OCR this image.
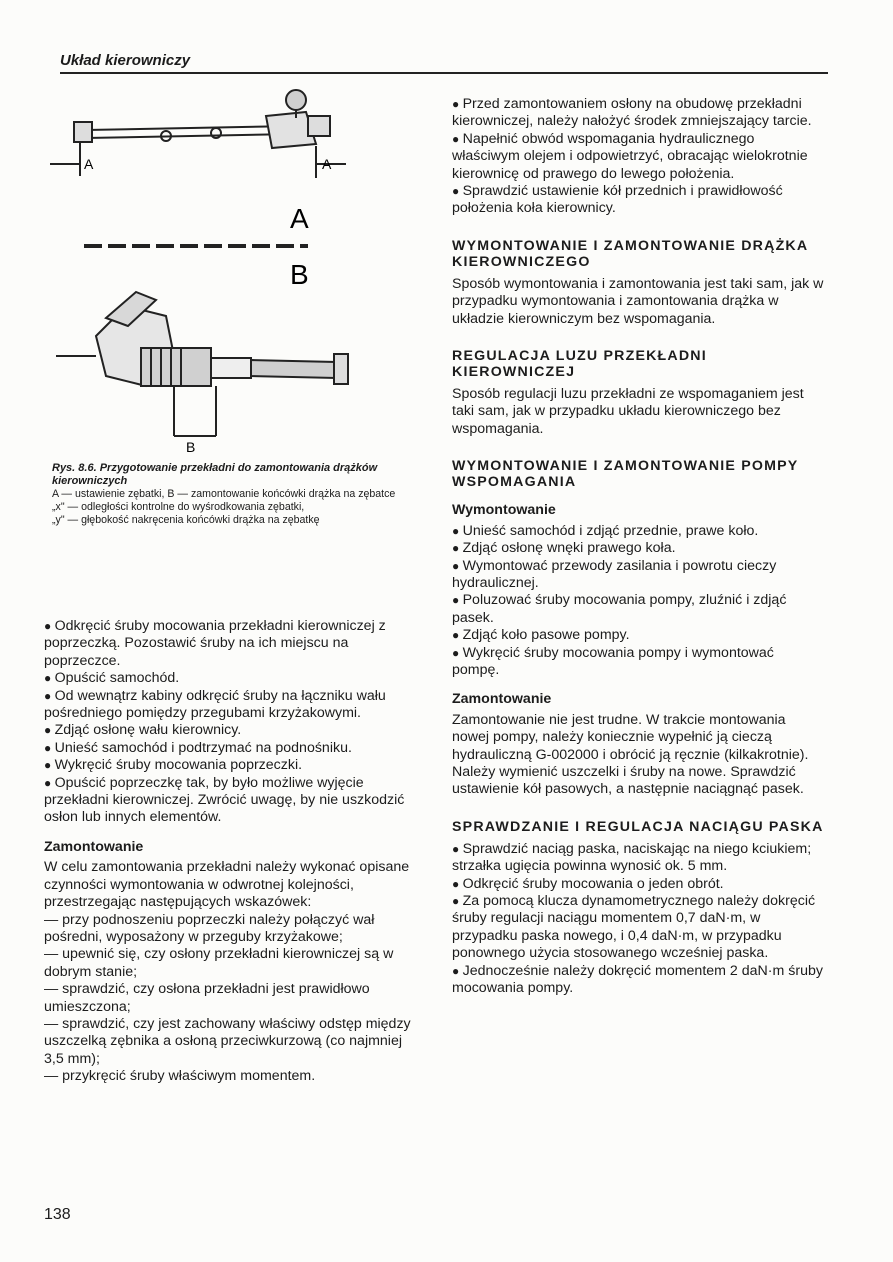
Układ kierowniczy
A	A
A
B
B
Rys. 8.6. Przygotowanie przekładni do zamontowania drążków kierowniczych
A — ustawienie zębatki, B — zamontowanie końcówki drążka na zębatce
„x" — odległości kontrolne do wyśrodkowania zębatki,
„y" — głębokość nakręcenia końcówki drążka na zębatkę

● Odkręcić śruby mocowania przekładni kierowniczej z poprzeczką. Pozostawić śruby na ich miejscu na poprzeczce.

● Opuścić samochód.

● Od wewnątrz kabiny odkręcić śruby na łączniku wału pośredniego pomiędzy przegubami krzyżakowymi.

● Zdjąć osłonę wału kierownicy.

● Unieść samochód i podtrzymać na podnośniku.

● Wykręcić śruby mocowania poprzeczki.

● Opuścić poprzeczkę tak, by było możliwe wyjęcie przekładni kierowniczej. Zwrócić uwagę, by nie uszkodzić osłon lub innych elementów.

Zamontowanie

W celu zamontowania przekładni należy wykonać opisane czynności wymontowania w odwrotnej kolejności, przestrzegając następujących wskazówek:

— przy podnoszeniu poprzeczki należy połączyć wał pośredni, wyposażony w przeguby krzyżakowe;

— upewnić się, czy osłony przekładni kierowniczej są w dobrym stanie;

— sprawdzić, czy osłona przekładni jest prawidłowo umieszczona;

— sprawdzić, czy jest zachowany właściwy odstęp między uszczelką zębnika a osłoną przeciwkurzową (co najmniej 3,5 mm);

— przykręcić śruby właściwym momentem.

● Przed zamontowaniem osłony na obudowę przekładni kierowniczej, należy nałożyć środek zmniejszający tarcie.

● Napełnić obwód wspomagania hydraulicznego właściwym olejem i odpowietrzyć, obracając wielokrotnie kierownicę od prawego do lewego położenia.

● Sprawdzić ustawienie kół przednich i prawidłowość położenia koła kierownicy.

WYMONTOWANIE I ZAMONTOWANIE DRĄŻKA KIEROWNICZEGO

Sposób wymontowania i zamontowania jest taki sam, jak w przypadku wymontowania i zamontowania drążka w układzie kierowniczym bez wspomagania.

REGULACJA LUZU PRZEKŁADNI KIEROWNICZEJ

Sposób regulacji luzu przekładni ze wspomaganiem jest taki sam, jak w przypadku układu kierowniczego bez wspomagania.

WYMONTOWANIE I ZAMONTOWANIE POMPY WSPOMAGANIA
Wymontowanie

● Unieść samochód i zdjąć przednie, prawe koło.

● Zdjąć osłonę wnęki prawego koła.

● Wymontować przewody zasilania i powrotu cieczy hydraulicznej.

● Poluzować śruby mocowania pompy, zluźnić i zdjąć pasek.

● Zdjąć koło pasowe pompy.

● Wykręcić śruby mocowania pompy i wymontować pompę.

Zamontowanie

Zamontowanie nie jest trudne. W trakcie montowania nowej pompy, należy koniecznie wypełnić ją cieczą hydrauliczną G-002000 i obrócić ją ręcznie (kilkakrotnie).

Należy wymienić uszczelki i śruby na nowe. Sprawdzić ustawienie kół pasowych, a następnie naciągnąć pasek.

SPRAWDZANIE I REGULACJA NACIĄGU PASKA

● Sprawdzić naciąg paska, naciskając na niego kciukiem; strzałka ugięcia powinna wynosić ok. 5 mm.

● Odkręcić śruby mocowania o jeden obrót.

● Za pomocą klucza dynamometrycznego należy dokręcić śruby regulacji naciągu momentem 0,7 daN·m, w przypadku paska nowego, i 0,4 daN·m, w przypadku ponownego użycia stosowanego wcześniej paska.

● Jednocześnie należy dokręcić momentem 2 daN·m śruby mocowania pompy.

138
